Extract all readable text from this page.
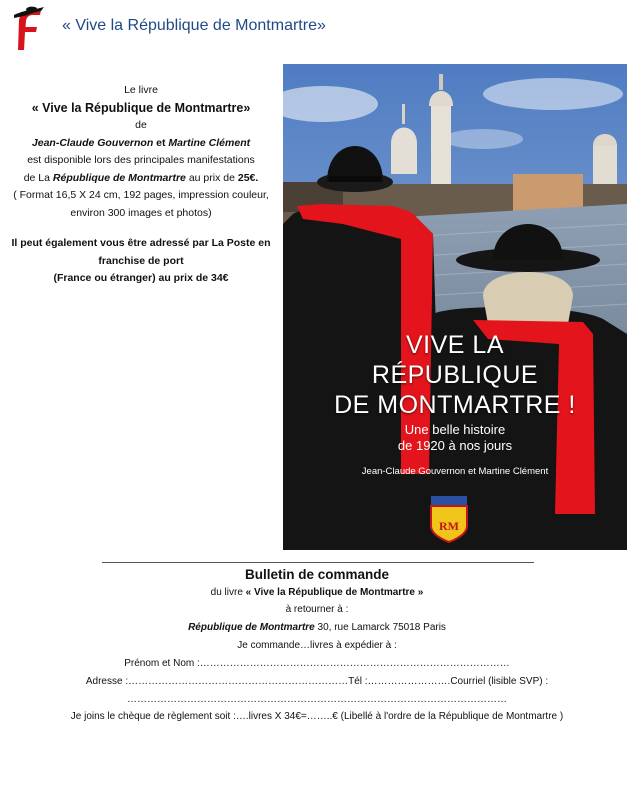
« Vive la République de Montmartre»
Le livre
« Vive la République de Montmartre»
de
Jean-Claude Gouvernon et Martine Clément
est disponible lors des principales manifestations
de La République de Montmartre au prix de 25€.
( Format 16,5 X 24 cm, 192 pages, impression couleur,
environ 300 images et photos)
Il peut également vous être adressé par La Poste en
franchise de port
(France ou étranger) au prix de 34€
RM
VIVE LA
RÉPUBLIQUE
DE MONTMARTRE !
Une belle histoire
de 1920 à nos jours
Jean-Claude Gouvernon et Martine Clément
Bulletin de commande
du livre « Vive la République de Montmartre »
à retourner à :
République de Montmartre 30, rue Lamarck 75018 Paris
Je commande…livres à expédier à :
Prénom et Nom :…………………………………………………………………………………
Adresse :…………………………………………………………Tél :…………………….Courriel (lisible SVP) :
……………………………………………………………………………………………………
Je joins le chèque de règlement soit :….livres X 34€=……..€ (Libellé à l'ordre de la République de Montmartre )
